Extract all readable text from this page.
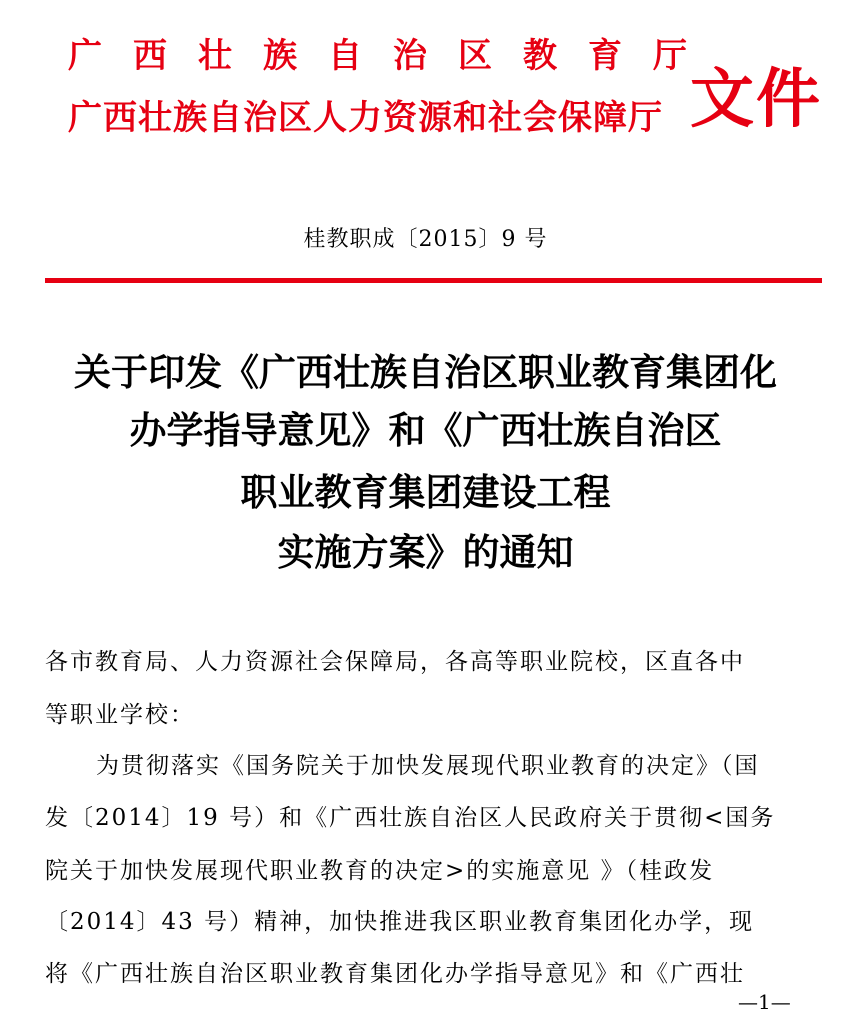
广西壮族自治区教育厅
广西壮族自治区人力资源和社会保障厅 文件
桂教职成〔2015〕9 号
关于印发《广西壮族自治区职业教育集团化
办学指导意见》和《广西壮族自治区
职业教育集团建设工程
实施方案》的通知
各市教育局、人力资源社会保障局，各高等职业院校，区直各中
等职业学校：
为贯彻落实《国务院关于加快发展现代职业教育的决定》（国
发〔2014〕19 号）和《广西壮族自治区人民政府关于贯彻<国务
院关于加快发展现代职业教育的决定>的实施意见 》（桂政发
〔2014〕43 号）精神，加快推进我区职业教育集团化办学，现
将《广西壮族自治区职业教育集团化办学指导意见》和《广西壮
—1—
